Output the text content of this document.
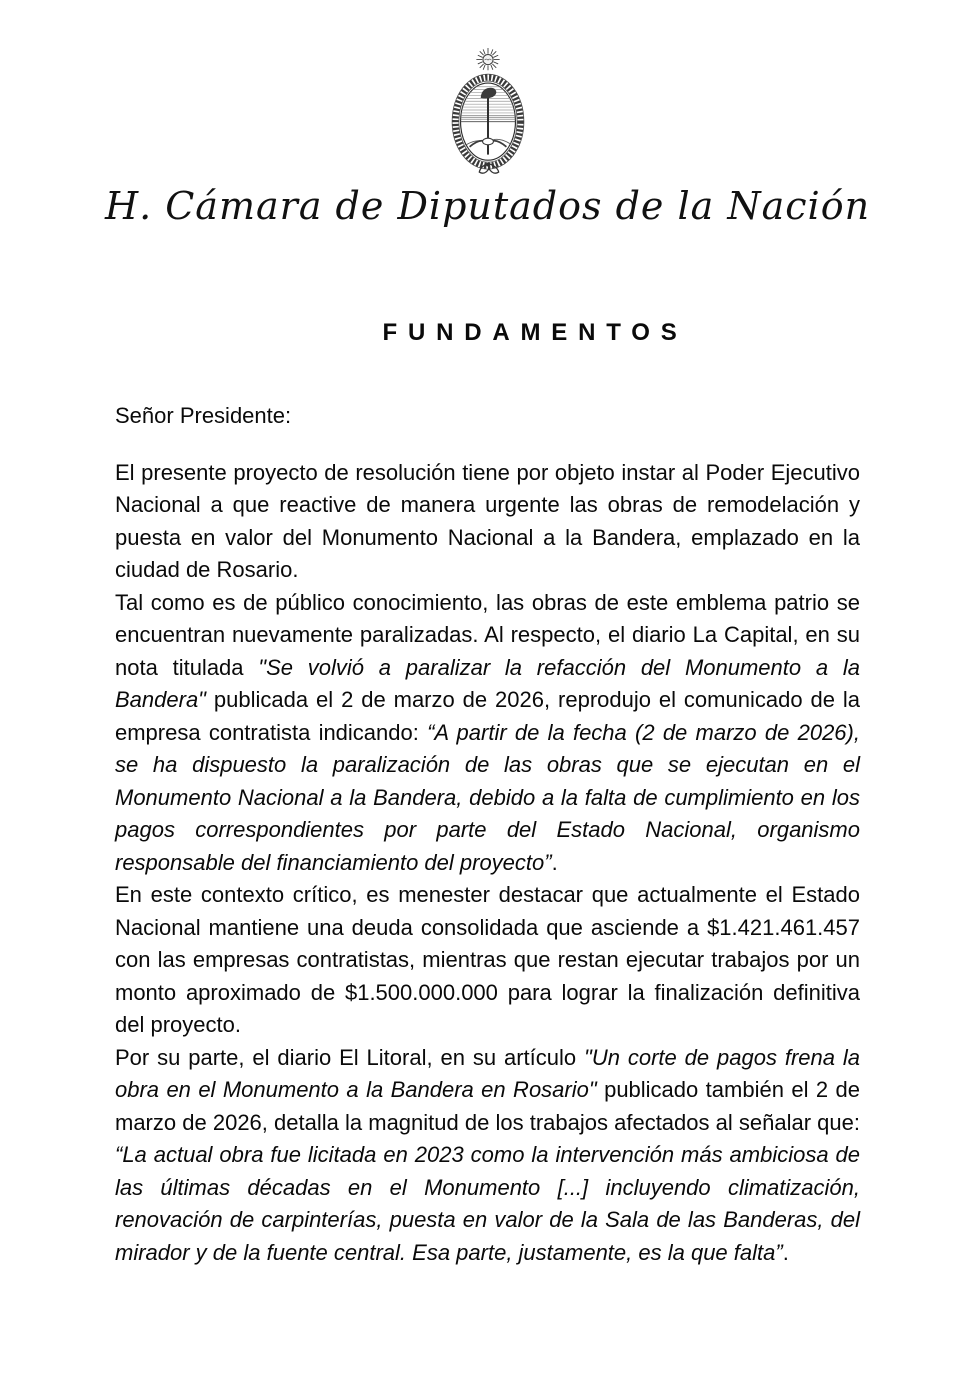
H. Cámara de Diputados de la Nación
FUNDAMENTOS

Señor Presidente:

El presente proyecto de resolución tiene por objeto instar al Poder Ejecutivo Nacional a que reactive de manera urgente las obras de remodelación y puesta en valor del Monumento Nacional a la Bandera, emplazado en la ciudad de Rosario.

Tal como es de público conocimiento, las obras de este emblema patrio se encuentran nuevamente paralizadas. Al respecto, el diario La Capital, en su nota titulada "Se volvió a paralizar la refacción del Monumento a la Bandera" publicada el 2 de marzo de 2026, reprodujo el comunicado de la empresa contratista indicando: “A partir de la fecha (2 de marzo de 2026), se ha dispuesto la paralización de las obras que se ejecutan en el Monumento Nacional a la Bandera, debido a la falta de cumplimiento en los pagos correspondientes por parte del Estado Nacional, organismo responsable del financiamiento del proyecto”.

En este contexto crítico, es menester destacar que actualmente el Estado Nacional mantiene una deuda consolidada que asciende a $1.421.461.457 con las empresas contratistas, mientras que restan ejecutar trabajos por un monto aproximado de $1.500.000.000 para lograr la finalización definitiva del proyecto.

Por su parte, el diario El Litoral, en su artículo "Un corte de pagos frena la obra en el Monumento a la Bandera en Rosario" publicado también el 2 de marzo de 2026, detalla la magnitud de los trabajos afectados al señalar que: “La actual obra fue licitada en 2023 como la intervención más ambiciosa de las últimas décadas en el Monumento [...] incluyendo climatización, renovación de carpinterías, puesta en valor de la Sala de las Banderas, del mirador y de la fuente central. Esa parte, justamente, es la que falta”.
